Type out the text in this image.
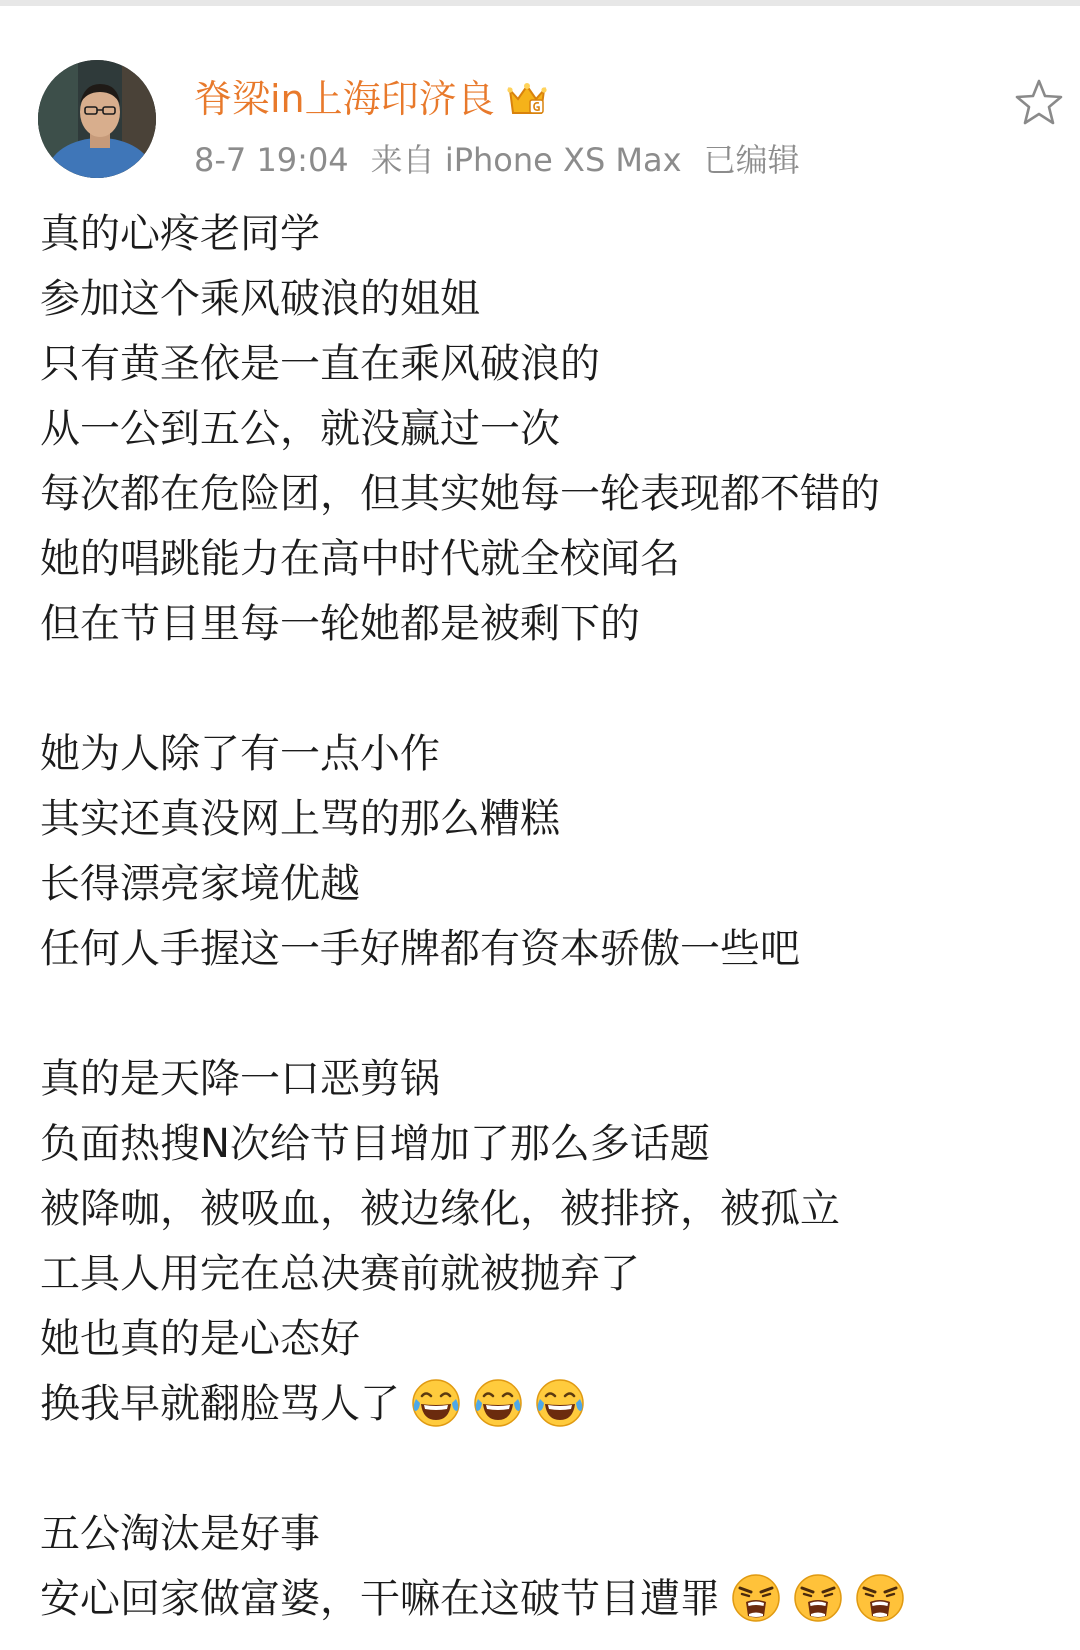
脊梁in上海印济良
8-7 19:04 来自 iPhone XS Max 已编辑
真的心疼老同学
参加这个乘风破浪的姐姐
只有黄圣依是一直在乘风破浪的
从一公到五公，就没赢过一次
每次都在危险团，但其实她每一轮表现都不错的
她的唱跳能力在高中时代就全校闻名
但在节目里每一轮她都是被剩下的
她为人除了有一点小作
其实还真没网上骂的那么糟糕
长得漂亮家境优越
任何人手握这一手好牌都有资本骄傲一些吧
真的是天降一口恶剪锅
负面热搜N次给节目增加了那么多话题
被降咖，被吸血，被边缘化，被排挤，被孤立
工具人用完在总决赛前就被抛弃了
她也真的是心态好
换我早就翻脸骂人了
五公淘汰是好事
安心回家做富婆，干嘛在这破节目遭罪
